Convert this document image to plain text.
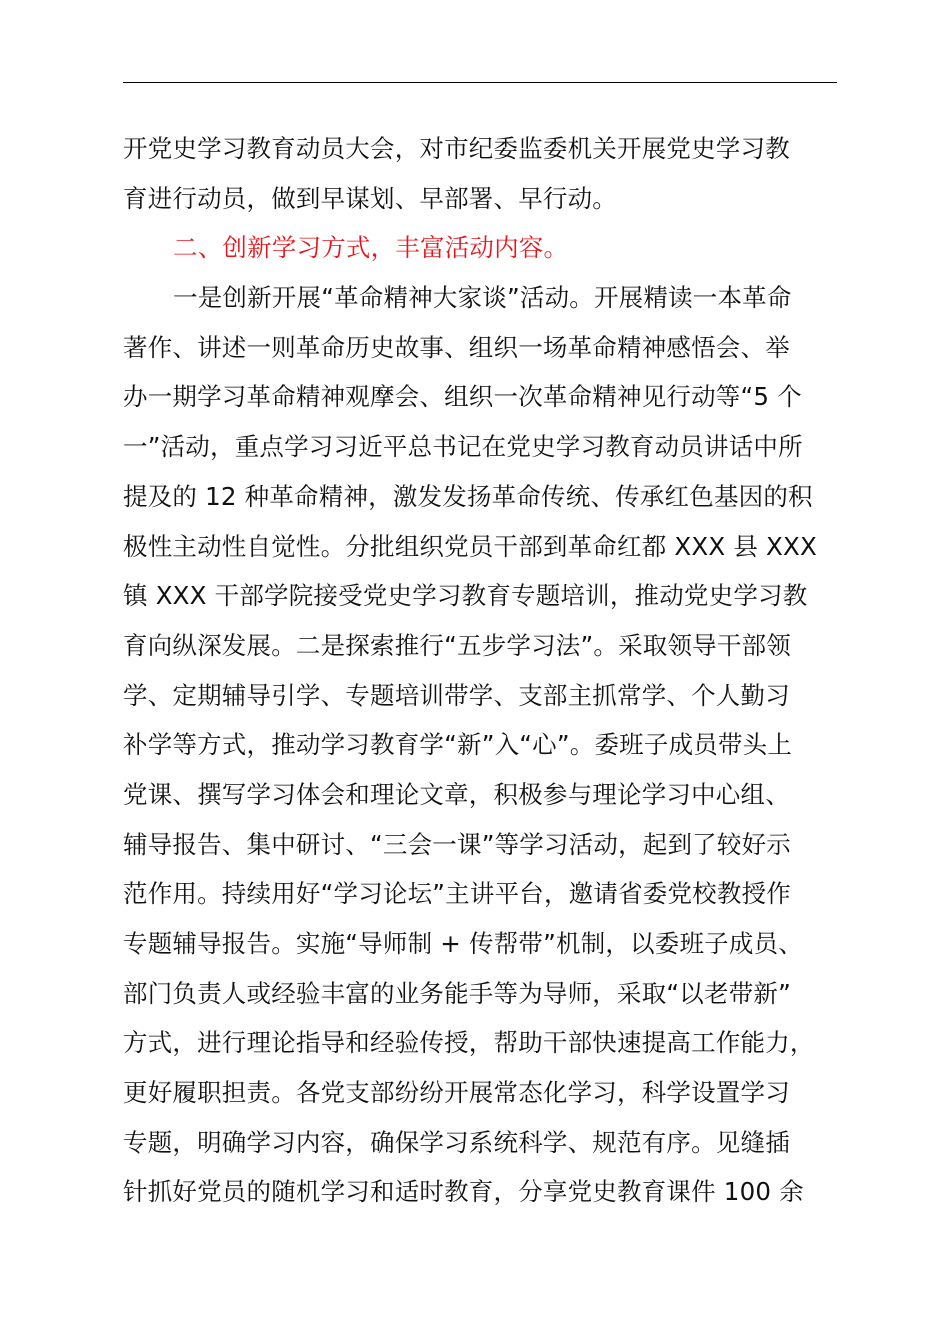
开党史学习教育动员大会，对市纪委监委机关开展党史学习教
育进行动员，做到早谋划、早部署、早行动。
二、创新学习方式，丰富活动内容。
一是创新开展“革命精神大家谈”活动。开展精读一本革命
著作、讲述一则革命历史故事、组织一场革命精神感悟会、举
办一期学习革命精神观摩会、组织一次革命精神见行动等“5 个
一”活动，重点学习习近平总书记在党史学习教育动员讲话中所
提及的 12 种革命精神，激发发扬革命传统、传承红色基因的积
极性主动性自觉性。分批组织党员干部到革命红都 XXX 县 XXX
镇 XXX 干部学院接受党史学习教育专题培训，推动党史学习教
育向纵深发展。二是探索推行“五步学习法”。采取领导干部领
学、定期辅导引学、专题培训带学、支部主抓常学、个人勤习
补学等方式，推动学习教育学“新”入“心”。委班子成员带头上
党课、撰写学习体会和理论文章，积极参与理论学习中心组、
辅导报告、集中研讨、“三会一课”等学习活动，起到了较好示
范作用。持续用好“学习论坛”主讲平台，邀请省委党校教授作
专题辅导报告。实施“导师制 + 传帮带”机制，以委班子成员、
部门负责人或经验丰富的业务能手等为导师，采取“以老带新”
方式，进行理论指导和经验传授，帮助干部快速提高工作能力，
更好履职担责。各党支部纷纷开展常态化学习，科学设置学习
专题，明确学习内容，确保学习系统科学、规范有序。见缝插
针抓好党员的随机学习和适时教育，分享党史教育课件 100 余
